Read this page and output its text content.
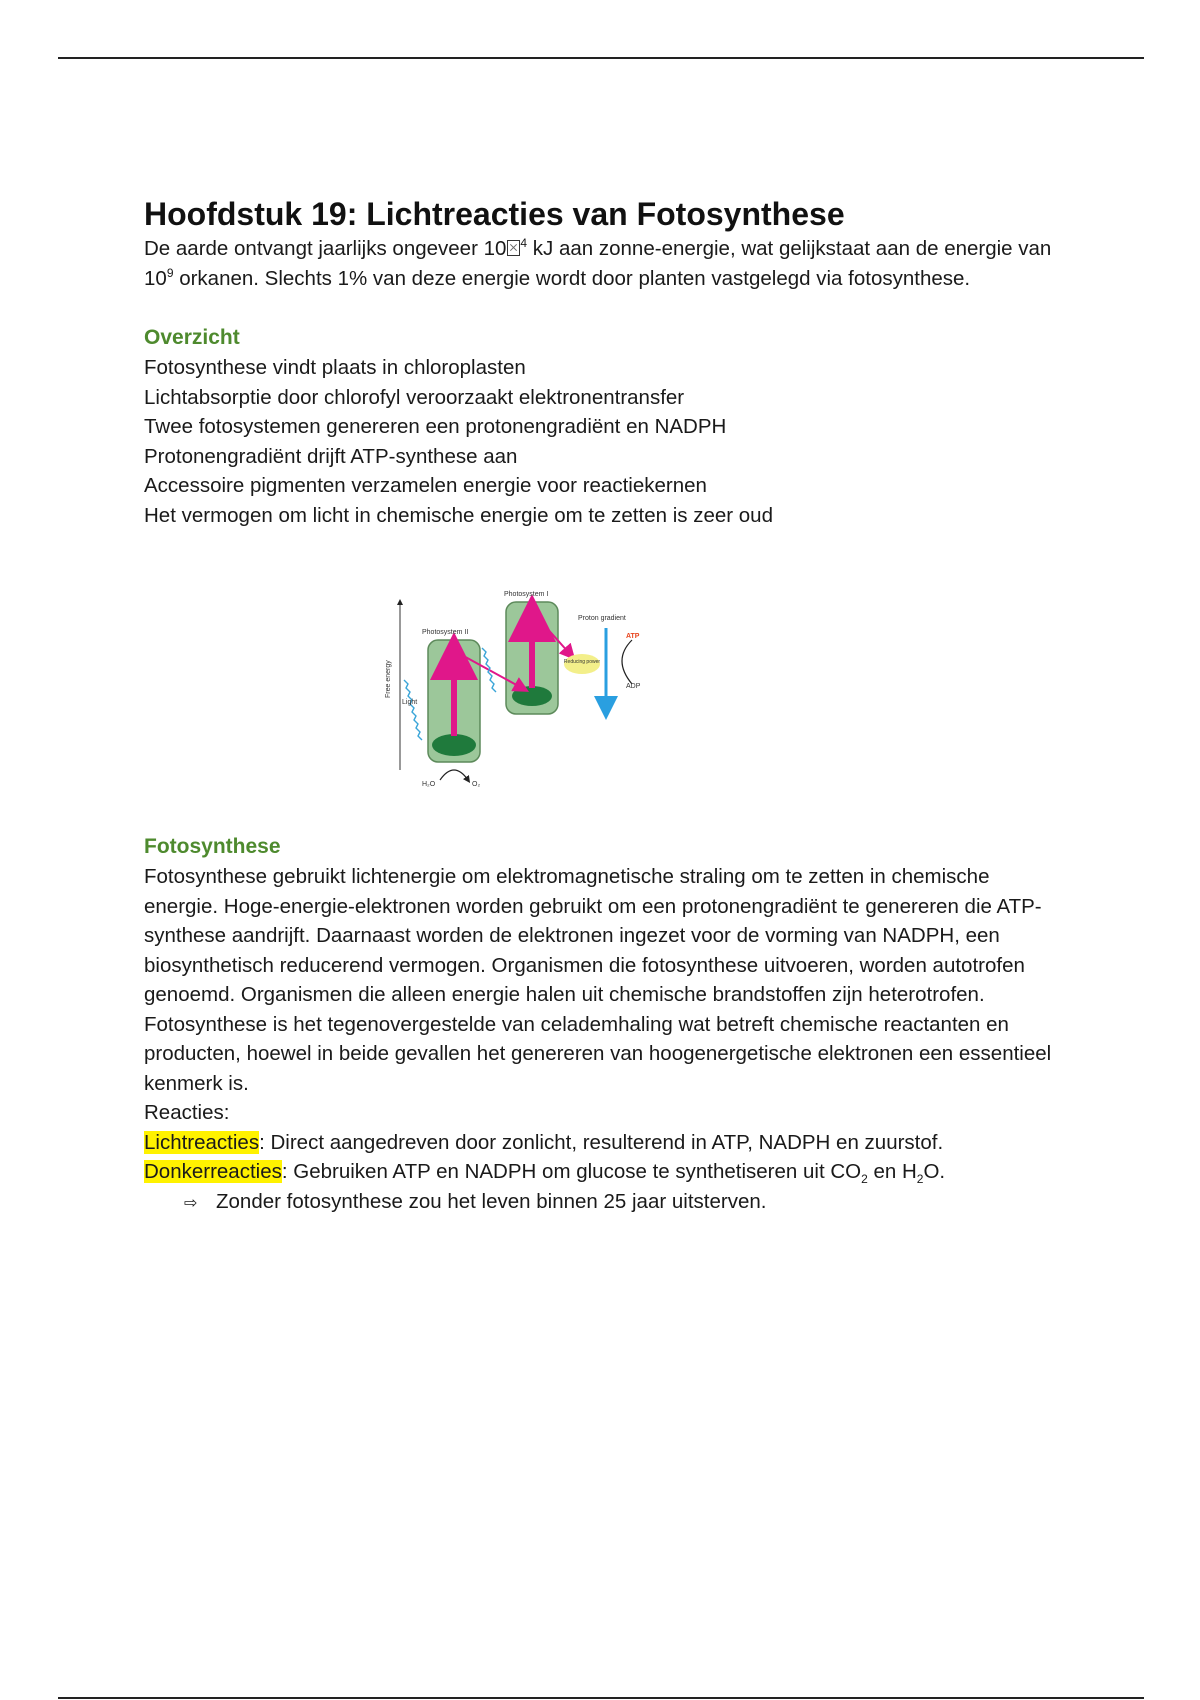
Hoofdstuk 19: Lichtreacties van Fotosynthese

De aarde ontvangt jaarlijks ongeveer 10 $^4$ kJ aan zonne-energie, wat gelijkstaat aan de energie van $10^9$ orkanen. Slechts 1% van deze energie wordt door planten vastgelegd via fotosynthese.

Overzicht
Fotosynthese vindt plaats in chloroplasten
Lichtabsorptie door chlorofyl veroorzaakt elektronentransfer
Twee fotosystemen genereren een protonengradiënt en NADPH
Protonengradiënt drijft ATP-synthese aan
Accessoire pigmenten verzamelen energie voor reactiekernen
Het vermogen om licht in chemische energie om te zetten is zeer oud
Free energy
Photosystem II
Photosystem I
Light
Reducing power
Proton gradient
ATP
ADP
H₂O	O₂
Fotosynthese

Fotosynthese gebruikt lichtenergie om elektromagnetische straling om te zetten in chemische energie. Hoge-energie-elektronen worden gebruikt om een protonengradiënt te genereren die ATP-synthese aandrijft. Daarnaast worden de elektronen ingezet voor de vorming van NADPH, een biosynthetisch reducerend vermogen. Organismen die fotosynthese uitvoeren, worden autotrofen genoemd. Organismen die alleen energie halen uit chemische brandstoffen zijn heterotrofen.

Fotosynthese is het tegenovergestelde van celademhaling wat betreft chemische reactanten en producten, hoewel in beide gevallen het genereren van hoogenergetische elektronen een essentieel kenmerk is.

Reacties:

Lichtreacties: Direct aangedreven door zonlicht, resulterend in ATP, NADPH en zuurstof.

Donkerreacties: Gebruiken ATP en NADPH om glucose te synthetiseren uit $CO_2$ en $H_2O$.

⇨ Zonder fotosynthese zou het leven binnen 25 jaar uitsterven.
